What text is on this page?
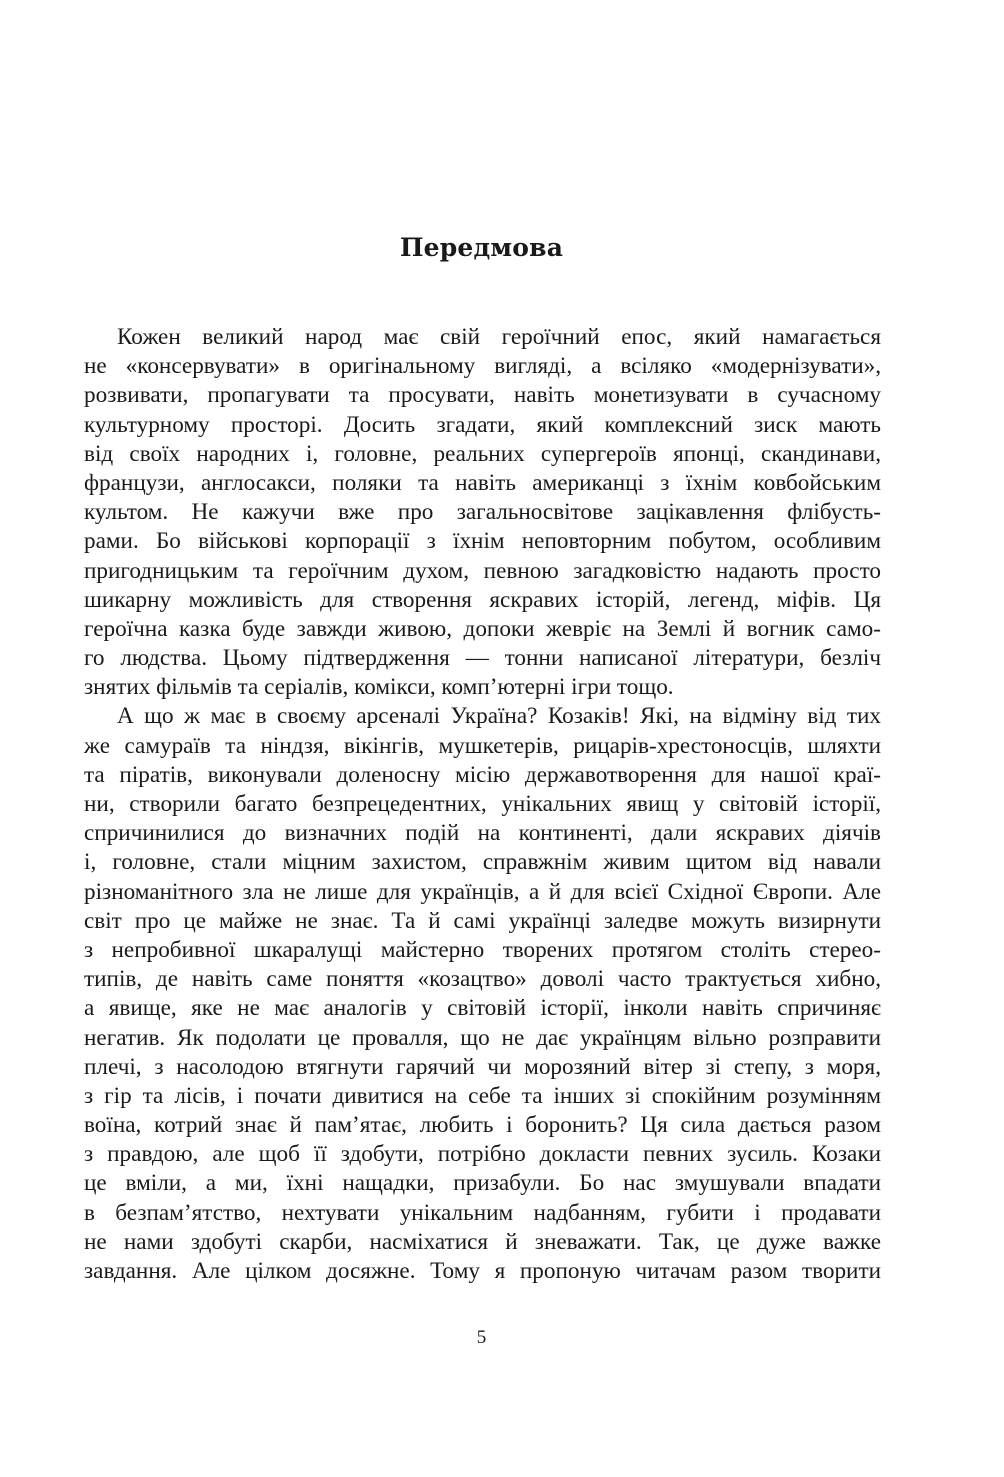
Передмова
Кожен великий народ має свій героїчний епос, який намагається
не «консервувати» в оригінальному вигляді, а всіляко «модернізувати»,
розвивати, пропагувати та просувати, навіть монетизувати в сучасному
культурному просторі. Досить згадати, який комплексний зиск мають
від своїх народних і, головне, реальних супергероїв японці, скандинави,
французи, англосакси, поляки та навіть американці з їхнім ковбойським
культом. Не кажучи вже про загальносвітове зацікавлення флібусть-
рами. Бо військові корпорації з їхнім неповторним побутом, особливим
пригодницьким та героїчним духом, певною загадковістю надають просто
шикарну можливість для створення яскравих історій, легенд, міфів. Ця
героїчна казка буде завжди живою, допоки жевріє на Землі й вогник само-
го людства. Цьому підтвердження — тонни написаної літератури, безліч
знятих фільмів та серіалів, комікси, комп’ютерні ігри тощо.
А що ж має в своєму арсеналі Україна? Козаків! Які, на відміну від тих
же самураїв та ніндзя, вікінгів, мушкетерів, рицарів-хрестоносців, шляхти
та піратів, виконували доленосну місію державотворення для нашої краї-
ни, створили багато безпрецедентних, унікальних явищ у світовій історії,
спричинилися до визначних подій на континенті, дали яскравих діячів
і, головне, стали міцним захистом, справжнім живим щитом від навали
різноманітного зла не лише для українців, а й для всієї Східної Європи. Але
світ про це майже не знає. Та й самі українці заледве можуть визирнути
з непробивної шкаралущі майстерно творених протягом століть стерео-
типів, де навіть саме поняття «козацтво» доволі часто трактується хибно,
а явище, яке не має аналогів у світовій історії, інколи навіть спричиняє
негатив. Як подолати це провалля, що не дає українцям вільно розправити
плечі, з насолодою втягнути гарячий чи морозяний вітер зі степу, з моря,
з гір та лісів, і почати дивитися на себе та інших зі спокійним розумінням
воїна, котрий знає й пам’ятає, любить і боронить? Ця сила дається разом
з правдою, але щоб її здобути, потрібно докласти певних зусиль. Козаки
це вміли, а ми, їхні нащадки, призабули. Бо нас змушували впадати
в безпам’ятство, нехтувати унікальним надбанням, губити і продавати
не нами здобуті скарби, насміхатися й зневажати. Так, це дуже важке
завдання. Але цілком досяжне. Тому я пропоную читачам разом творити
5
